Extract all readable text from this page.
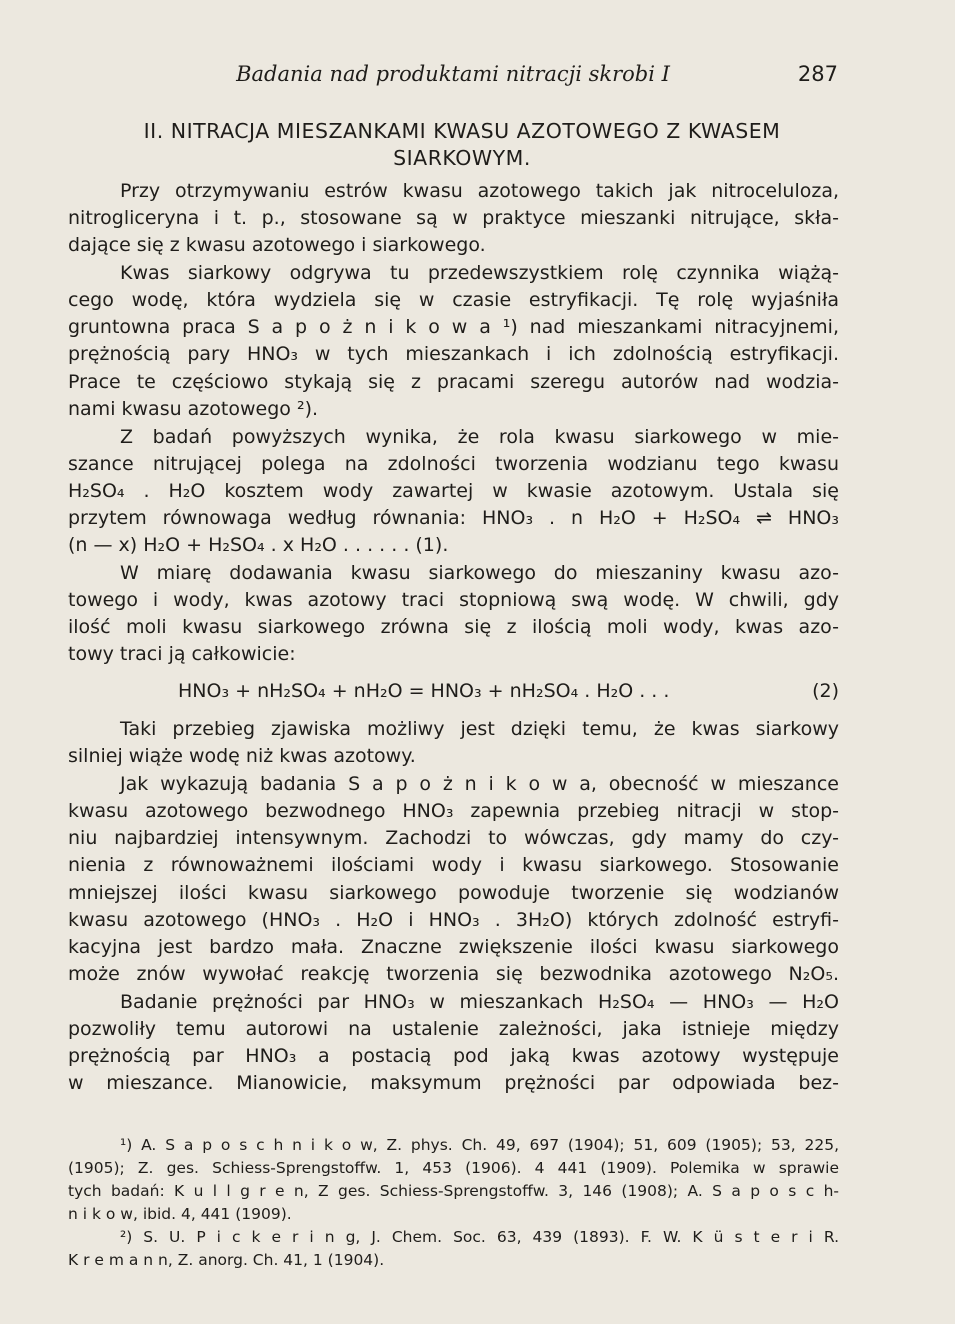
Badania nad produktami nitracji skrobi I	287
II. NITRACJA MIESZANKAMI KWASU AZOTOWEGO Z KWASEM
SIARKOWYM.
Przy otrzymywaniu estrów kwasu azotowego takich jak nitroceluloza,
nitrogliceryna i t. p., stosowane są w praktyce mieszanki nitrujące, skła-
dające się z kwasu azotowego i siarkowego.
Kwas siarkowy odgrywa tu przedewszystkiem rolę czynnika wiążą-
cego wodę, która wydziela się w czasie estryfikacji. Tę rolę wyjaśniła
gruntowna praca S a p o ż n i k o w a ¹) nad mieszankami nitracyjnemi,
prężnością pary HNO₃ w tych mieszankach i ich zdolnością estryfikacji.
Prace te częściowo stykają się z pracami szeregu autorów nad wodzia-
nami kwasu azotowego ²).
Z badań powyższych wynika, że rola kwasu siarkowego w mie-
szance nitrującej polega na zdolności tworzenia wodzianu tego kwasu
H₂SO₄ . H₂O kosztem wody zawartej w kwasie azotowym. Ustala się
przytem równowaga według równania: HNO₃ . n H₂O + H₂SO₄ ⇌ HNO₃
(n — x) H₂O + H₂SO₄ . x H₂O . . . . . . (1).
W miarę dodawania kwasu siarkowego do mieszaniny kwasu azo-
towego i wody, kwas azotowy traci stopniową swą wodę. W chwili, gdy
ilość moli kwasu siarkowego zrówna się z ilością moli wody, kwas azo-
towy traci ją całkowicie:
HNO₃ + nH₂SO₄ + nH₂O = HNO₃ + nH₂SO₄ . H₂O . . .	(2)
Taki przebieg zjawiska możliwy jest dzięki temu, że kwas siarkowy
silniej wiąże wodę niż kwas azotowy.
Jak wykazują badania S a p o ż n i k o w a, obecność w mieszance
kwasu azotowego bezwodnego HNO₃ zapewnia przebieg nitracji w stop-
niu najbardziej intensywnym. Zachodzi to wówczas, gdy mamy do czy-
nienia z równoważnemi ilościami wody i kwasu siarkowego. Stosowanie
mniejszej ilości kwasu siarkowego powoduje tworzenie się wodzianów
kwasu azotowego (HNO₃ . H₂O i HNO₃ . 3H₂O) których zdolność estryfi-
kacyjna jest bardzo mała. Znaczne zwiększenie ilości kwasu siarkowego
może znów wywołać reakcję tworzenia się bezwodnika azotowego N₂O₅.
Badanie prężności par HNO₃ w mieszankach H₂SO₄ — HNO₃ — H₂O
pozwoliły temu autorowi na ustalenie zależności, jaka istnieje między
prężnością par HNO₃ a postacią pod jaką kwas azotowy występuje
w mieszance. Mianowicie, maksymum prężności par odpowiada bez-
¹) A. S a p o s c h n i k o w, Z. phys. Ch. 49, 697 (1904); 51, 609 (1905); 53, 225,
(1905); Z. ges. Schiess-Sprengstoffw. 1, 453 (1906). 4 441 (1909). Polemika w sprawie
tych badań: K u l l g r e n, Z ges. Schiess-Sprengstoffw. 3, 146 (1908); A. S a p o s c h-
n i k o w, ibid. 4, 441 (1909).
²) S. U. P i c k e r i n g, J. Chem. Soc. 63, 439 (1893). F. W. K ü s t e r i R.
K r e m a n n, Z. anorg. Ch. 41, 1 (1904).
